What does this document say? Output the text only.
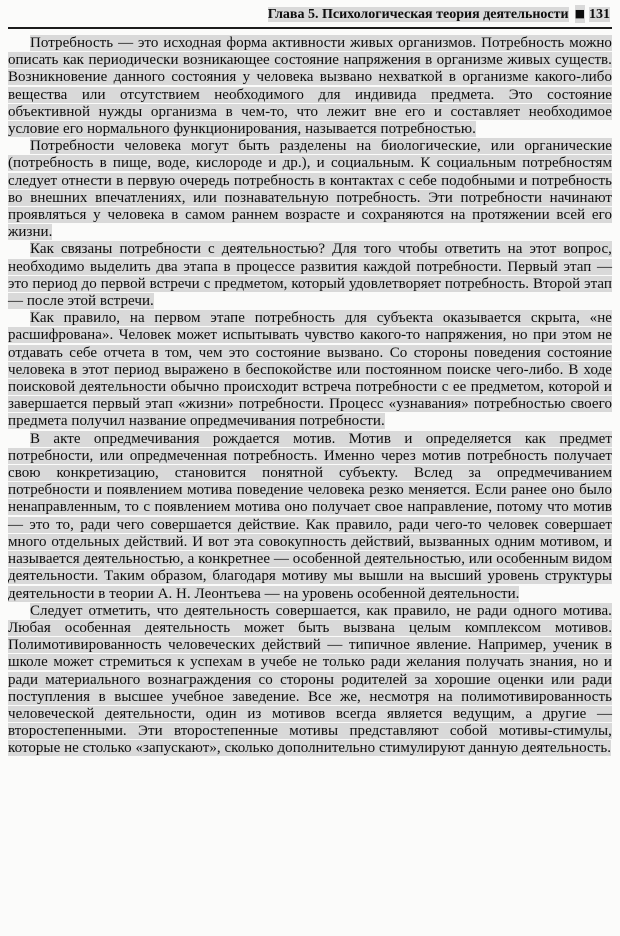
Глава 5. Психологическая теория деятельности ■ 131

Потребность — это исходная форма активности живых организмов. Потребность можно описать как периодически возникающее состояние напряжения в организме живых существ. Возникновение данного состояния у человека вызвано нехваткой в организме какого-либо вещества или отсутствием необходимого для индивида предмета. Это состояние объективной нужды организма в чем-то, что лежит вне его и составляет необходимое условие его нормального функционирования, называется потребностью.

Потребности человека могут быть разделены на биологические, или органические (потребность в пище, воде, кислороде и др.), и социальным. К социальным потребностям следует отнести в первую очередь потребность в контактах с себе подобными и потребность во внешних впечатлениях, или познавательную потребность. Эти потребности начинают проявляться у человека в самом раннем возрасте и сохраняются на протяжении всей его жизни.

Как связаны потребности с деятельностью? Для того чтобы ответить на этот вопрос, необходимо выделить два этапа в процессе развития каждой потребности. Первый этап — это период до первой встречи с предметом, который удовлетворяет потребность. Второй этап — после этой встречи.

Как правило, на первом этапе потребность для субъекта оказывается скрыта, «не расшифрована». Человек может испытывать чувство какого-то напряжения, но при этом не отдавать себе отчета в том, чем это состояние вызвано. Со стороны поведения состояние человека в этот период выражено в беспокойстве или постоянном поиске чего-либо. В ходе поисковой деятельности обычно происходит встреча потребности с ее предметом, которой и завершается первый этап «жизни» потребности. Процесс «узнавания» потребностью своего предмета получил название опредмечивания потребности.

В акте опредмечивания рождается мотив. Мотив и определяется как предмет потребности, или опредмеченная потребность. Именно через мотив потребность получает свою конкретизацию, становится понятной субъекту. Вслед за опредмечиванием потребности и появлением мотива поведение человека резко меняется. Если ранее оно было ненаправленным, то с появлением мотива оно получает свое направление, потому что мотив — это то, ради чего совершается действие. Как правило, ради чего-то человек совершает много отдельных действий. И вот эта совокупность действий, вызванных одним мотивом, и называется деятельностью, а конкретнее — особенной деятельностью, или особенным видом деятельности. Таким образом, благодаря мотиву мы вышли на высший уровень структуры деятельности в теории А. Н. Леонтьева — на уровень особенной деятельности.

Следует отметить, что деятельность совершается, как правило, не ради одного мотива. Любая особенная деятельность может быть вызвана целым комплексом мотивов. Полимотивированность человеческих действий — типичное явление. Например, ученик в школе может стремиться к успехам в учебе не только ради желания получать знания, но и ради материального вознаграждения со стороны родителей за хорошие оценки или ради поступления в высшее учебное заведение. Все же, несмотря на полимотивированность человеческой деятельности, один из мотивов всегда является ведущим, а другие — второстепенными. Эти второстепенные мотивы представляют собой мотивы-стимулы, которые не столько «запускают», сколько дополнительно стимулируют данную деятельность.
